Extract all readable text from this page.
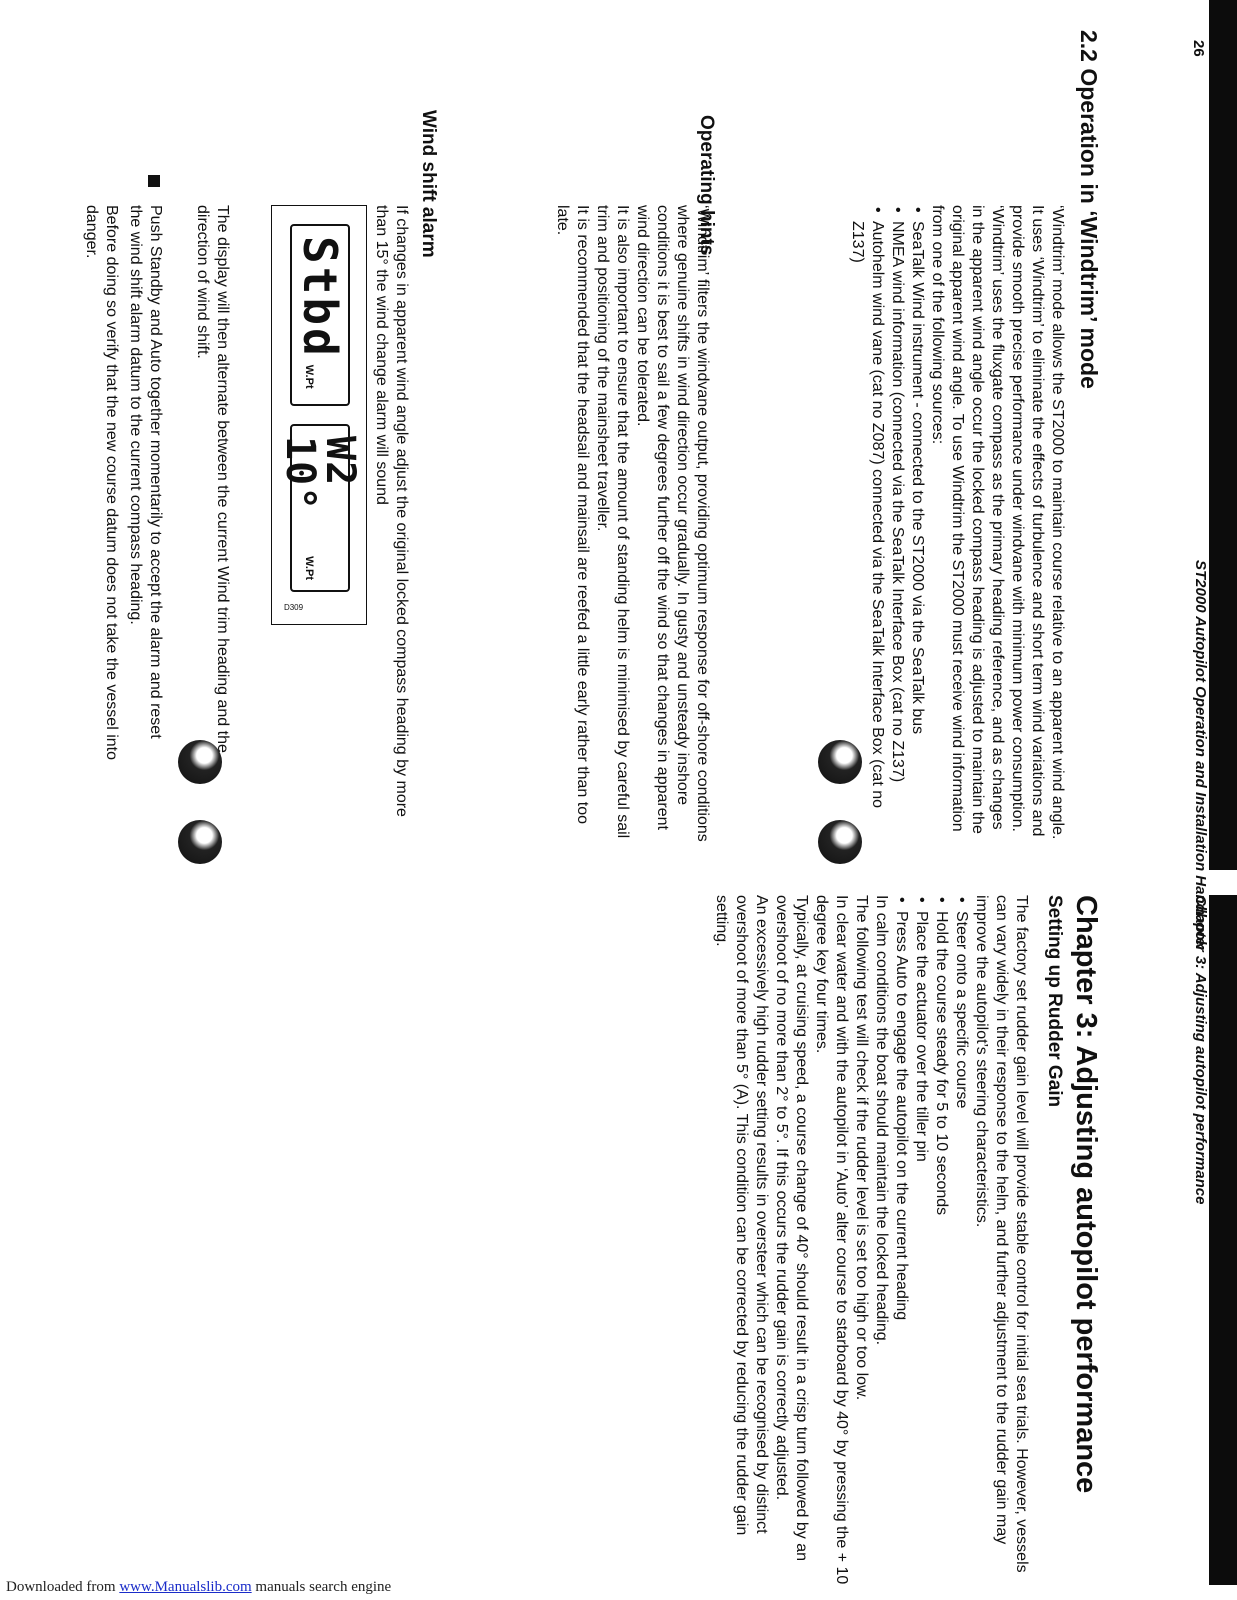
26
ST2000 Autopilot Operation and Installation Handbook
2.2 Operation in ‘Windtrim’ mode

‘Windtrim’ mode allows the ST2000 to maintain course relative to an apparent wind angle. It uses ‘Windtrim’ to eliminate the effects of turbulence and short term wind variations and provide smooth precise performance under windvane with minimum power consumption. ‘Windtrim’ uses the fluxgate compass as the primary heading reference, and as changes in the apparent wind angle occur the locked compass heading is adjusted to maintain the original apparent wind angle. To use Windtrim the ST2000 must receive wind information from one of the following sources:

• SeaTalk Wind instrument - connected to the ST2000 via the SeaTalk bus
• NMEA wind information (connected via the SeaTalk Interface Box (cat no Z137)
• Autohelm wind vane (cat no Z087) connected via the SeaTalk Interface Box (cat no Z137)
Operating hints

‘Windtrim’ filters the windvane output, providing optimum response for off-shore conditions where genuine shifts in wind direction occur gradually. In gusty and unsteady inshore conditions it is best to sail a few degrees further off the wind so that changes in apparent wind direction can be tolerated.

It is also important to ensure that the amount of standing helm is minimised by careful sail trim and positioning of the mainsheet traveller.

It is recommended that the headsail and mainsail are reefed a little early rather than too late.

Wind shift alarm
If changes in apparent wind angle adjust the original locked compass heading by more than 15° the wind change alarm will sound
Stbd
W.Pt
W2 10°
W.Pt
D309
The display will then alternate between the current Wind trim heading and the direction of wind shift.
Push Standby and Auto together momentarily to accept the alarm and reset the wind shift alarm datum to the current compass heading.
Before doing so verify that the new course datum does not take the vessel into danger.
Chapter 3: Adjusting autopilot performance
Chapter 3: Adjusting autopilot performance
Setting up Rudder Gain

The factory set rudder gain level will provide stable control for initial sea trials. However, vessels can vary widely in their response to the helm, and further adjustment to the rudder gain may improve the autopilot’s steering characteristics.

• Steer onto a specific course
• Hold the course steady for 5 to 10 seconds
• Place the actuator over the tiller pin
• Press Auto to engage the autopilot on the current heading

In calm conditions the boat should maintain the locked heading.

The following test will check if the rudder level is set too high or too low.

In clear water and with the autopilot in ‘Auto’ alter course to starboard by 40° by pressing the + 10 degree key four times.

Typically, at cruising speed, a course change of 40° should result in a crisp turn followed by an overshoot of no more than 2° to 5°. If this occurs the rudder gain is correctly adjusted.

An excessively high rudder setting results in oversteer which can be recognised by distinct overshoot of more than 5° (A). This condition can be corrected by reducing the rudder gain setting.

Downloaded from www.Manualslib.com manuals search engine
